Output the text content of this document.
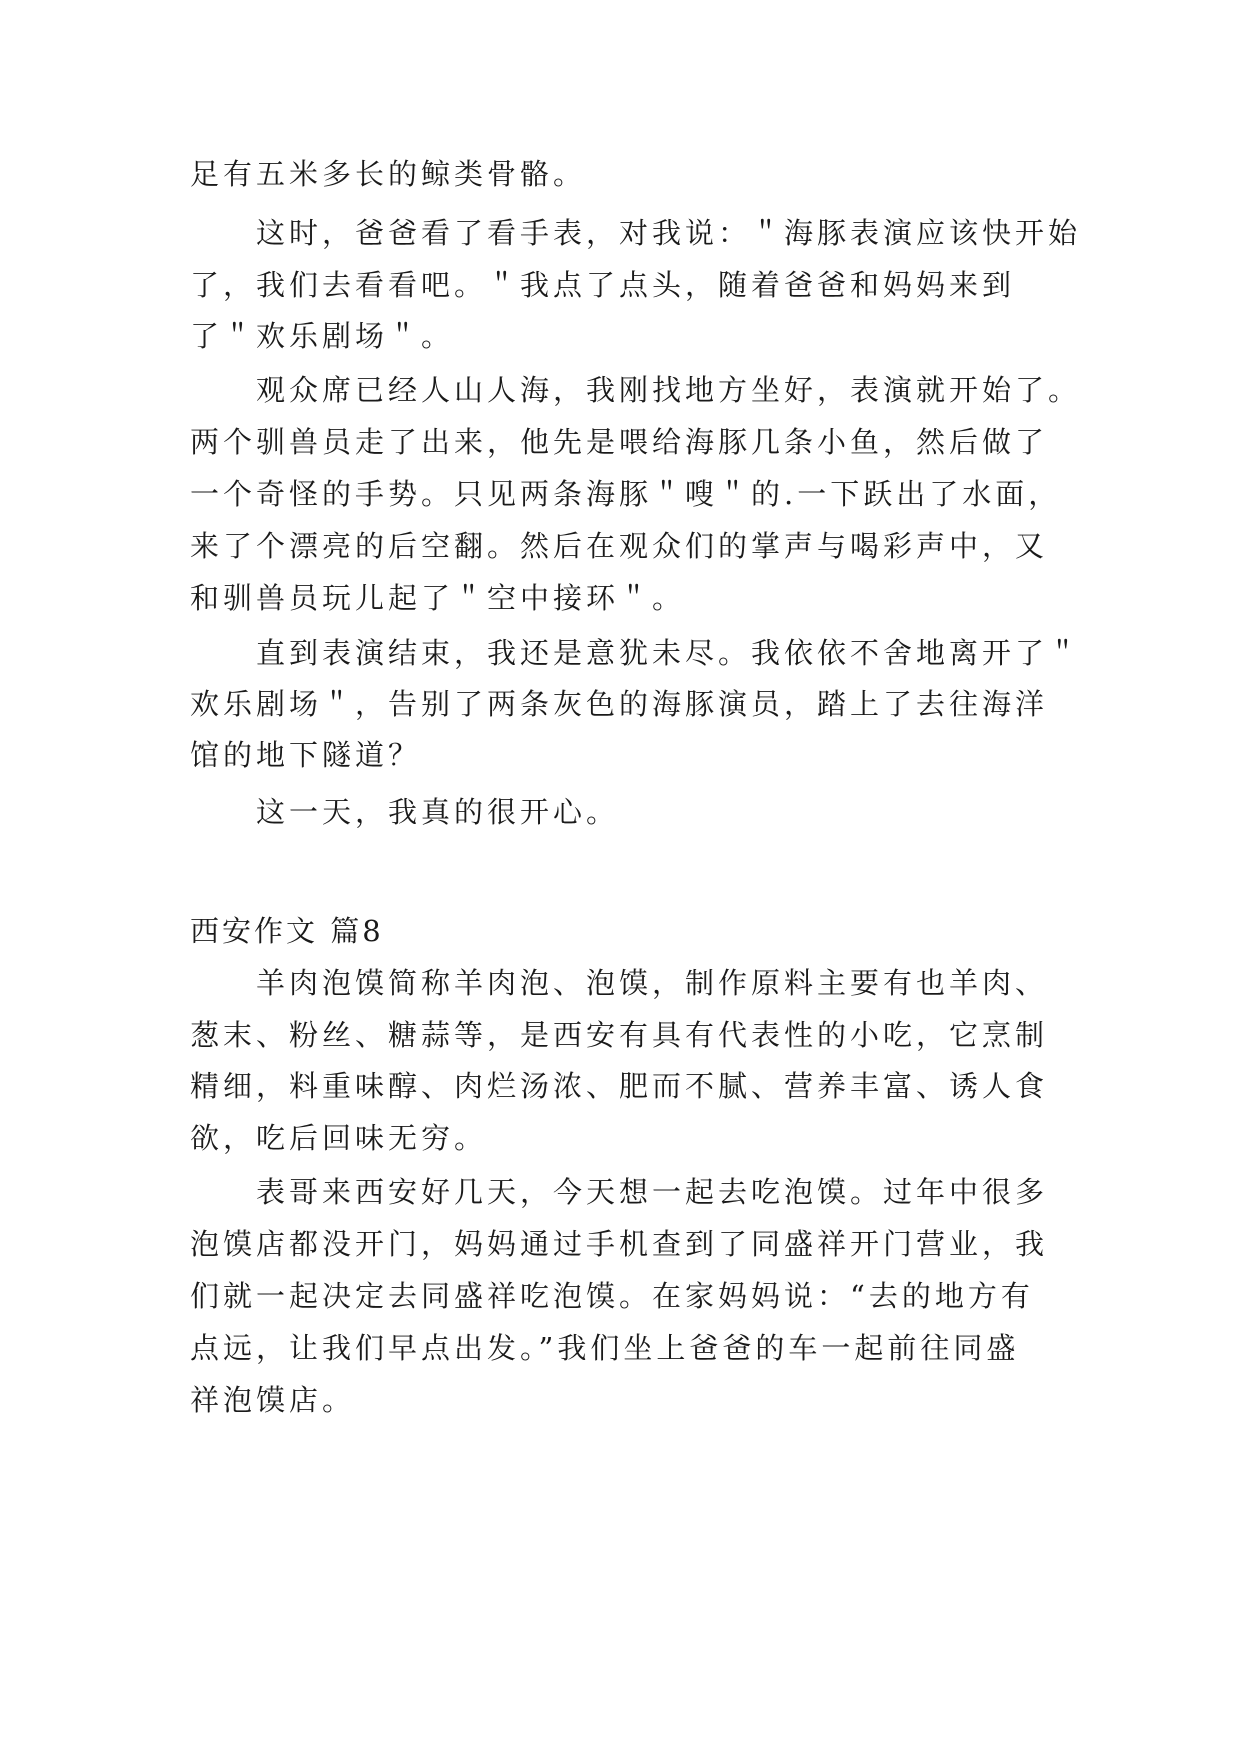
足有五米多长的鲸类骨骼。
这时，爸爸看了看手表，对我说：＂海豚表演应该快开始
了，我们去看看吧。＂我点了点头，随着爸爸和妈妈来到
了＂欢乐剧场＂。
观众席已经人山人海，我刚找地方坐好，表演就开始了。
两个驯兽员走了出来，他先是喂给海豚几条小鱼，然后做了
一个奇怪的手势。只见两条海豚＂嗖＂的.一下跃出了水面，
来了个漂亮的后空翻。然后在观众们的掌声与喝彩声中，又
和驯兽员玩儿起了＂空中接环＂。
直到表演结束，我还是意犹未尽。我依依不舍地离开了＂
欢乐剧场＂，告别了两条灰色的海豚演员，踏上了去往海洋
馆的地下隧道？
这一天，我真的很开心。
西安作文 篇8
羊肉泡馍简称羊肉泡、泡馍，制作原料主要有也羊肉、
葱末、粉丝、糖蒜等，是西安有具有代表性的小吃，它烹制
精细，料重味醇、肉烂汤浓、肥而不腻、营养丰富、诱人食
欲，吃后回味无穷。
表哥来西安好几天，今天想一起去吃泡馍。过年中很多
泡馍店都没开门，妈妈通过手机查到了同盛祥开门营业，我
们就一起决定去同盛祥吃泡馍。在家妈妈说：“去的地方有
点远，让我们早点出发。”我们坐上爸爸的车一起前往同盛
祥泡馍店。
